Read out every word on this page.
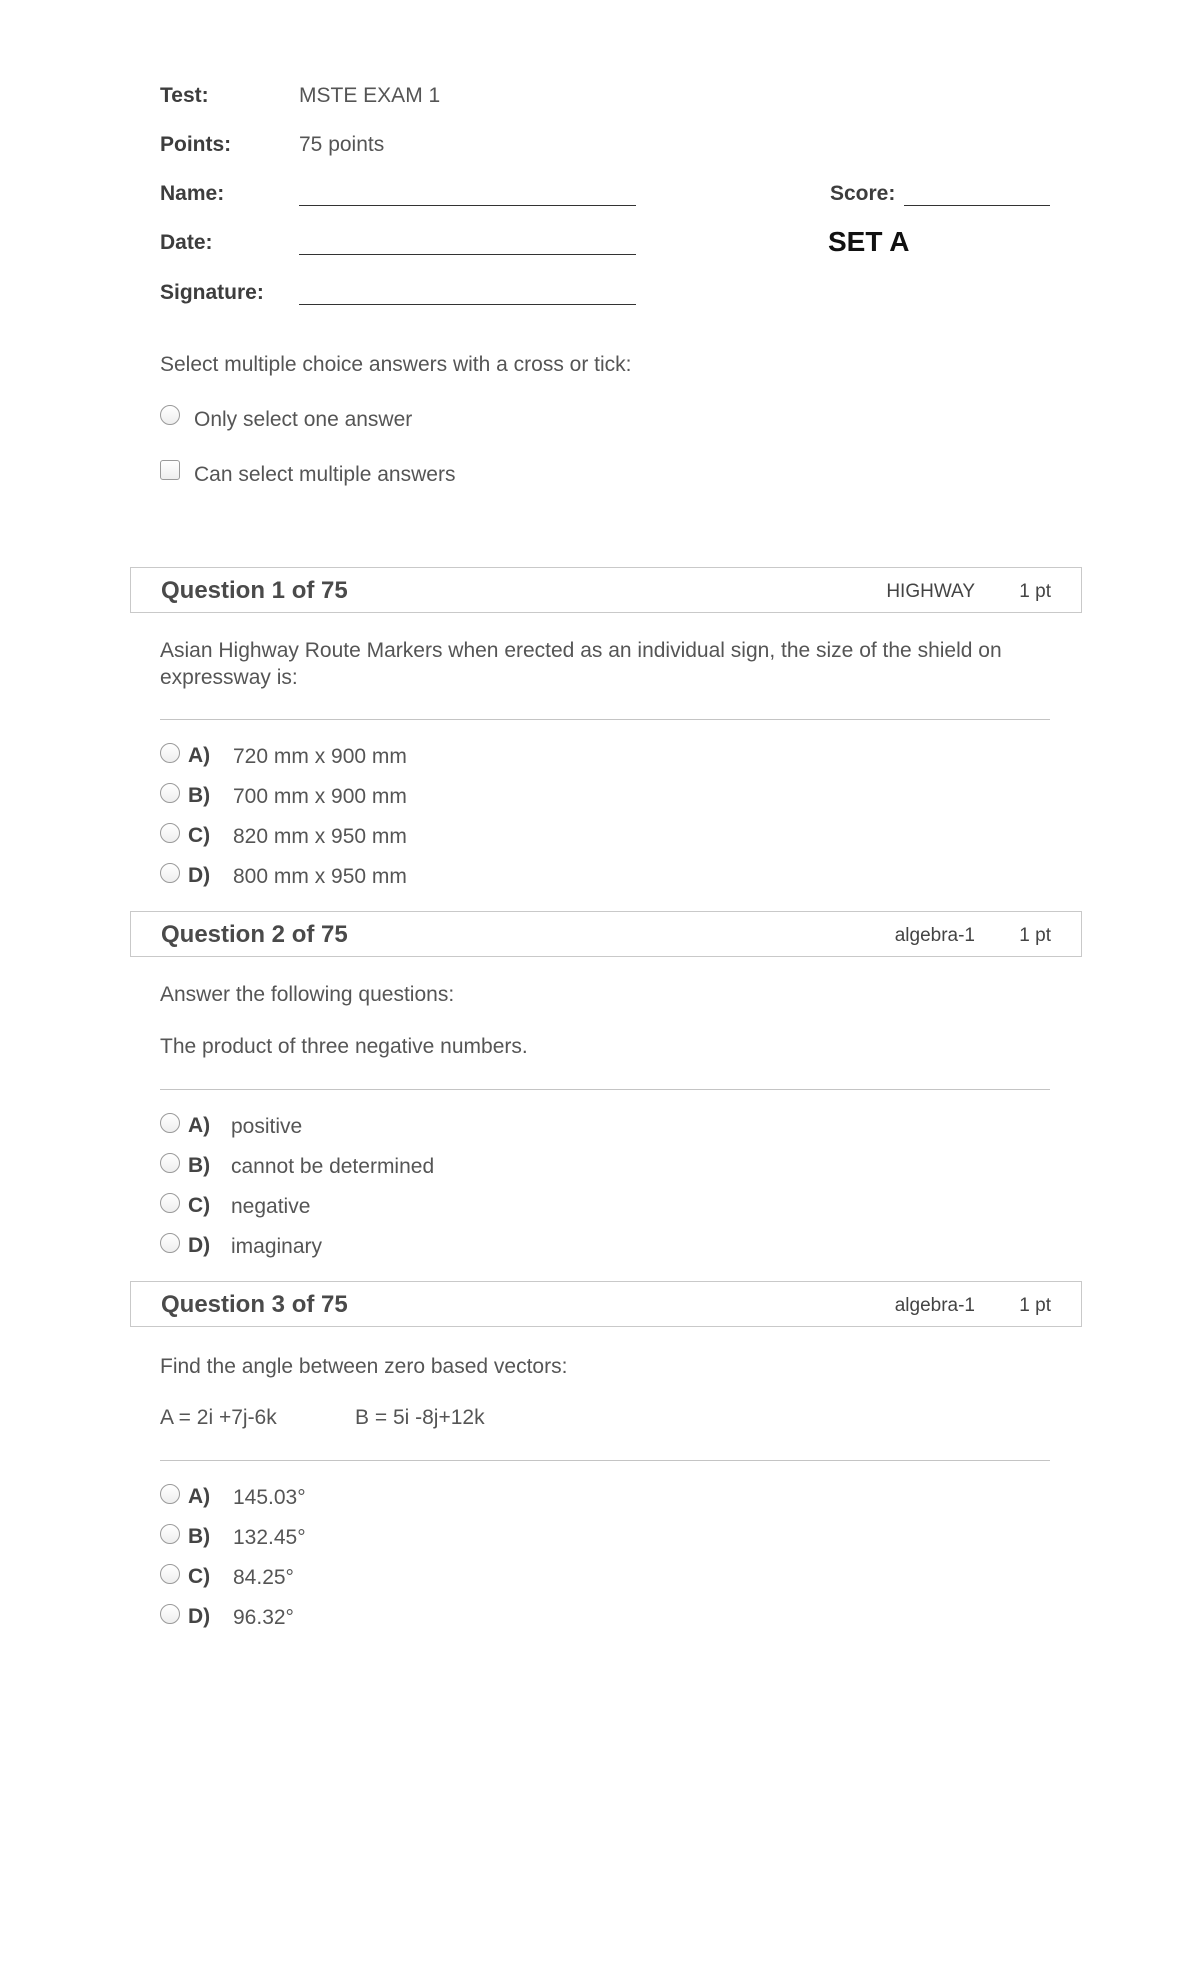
Test:	MSTE EXAM 1
Points:	75 points
Name:
Date:
Signature:
Score:
SET A
Select multiple choice answers with a cross or tick:
Only select one answer
Can select multiple answers
Question 1 of 75	HIGHWAY 1 pt
Asian Highway Route Markers when erected as an individual sign, the size of the shield on expressway is:
A) 720 mm x 900 mm
B) 700 mm x 900 mm
C) 820 mm x 950 mm
D) 800 mm x 950 mm
Question 2 of 75	algebra-1 1 pt
Answer the following questions:
The product of three negative numbers.
A) positive
B) cannot be determined
C) negative
D) imaginary
Question 3 of 75	algebra-1 1 pt
Find the angle between zero based vectors:
A = 2i +7j-6k	B = 5i -8j+12k
A) 145.03°
B) 132.45°
C) 84.25°
D) 96.32°
